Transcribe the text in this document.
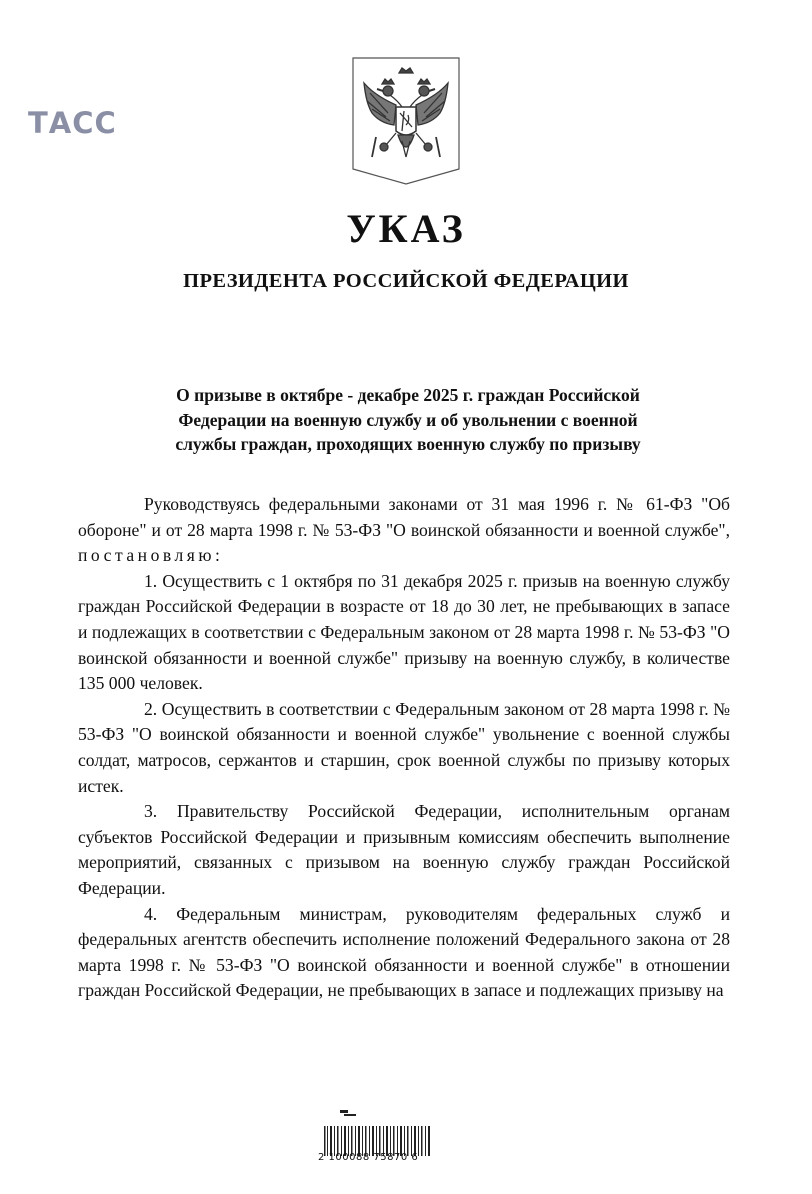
ТАСС
УКАЗ
ПРЕЗИДЕНТА РОССИЙСКОЙ ФЕДЕРАЦИИ
О призыве в октябре - декабре 2025 г. граждан Российской
Федерации на военную службу и об увольнении с военной
службы граждан, проходящих военную службу по призыву

Руководствуясь федеральными законами от 31 мая 1996 г. № 61-ФЗ "Об обороне" и от 28 марта 1998 г. № 53-ФЗ "О воинской обязанности и военной службе", постановляю:

1. Осуществить с 1 октября по 31 декабря 2025 г. призыв на военную службу граждан Российской Федерации в возрасте от 18 до 30 лет, не пребывающих в запасе и подлежащих в соответствии с Федеральным законом от 28 марта 1998 г. № 53-ФЗ "О воинской обязанности и военной службе" призыву на военную службу, в количестве 135 000 человек.

2. Осуществить в соответствии с Федеральным законом от 28 марта 1998 г. № 53-ФЗ "О воинской обязанности и военной службе" увольнение с военной службы солдат, матросов, сержантов и старшин, срок военной службы по призыву которых истек.

3. Правительству Российской Федерации, исполнительным органам субъектов Российской Федерации и призывным комиссиям обеспечить выполнение мероприятий, связанных с призывом на военную службу граждан Российской Федерации.

4. Федеральным министрам, руководителям федеральных служб и федеральных агентств обеспечить исполнение положений Федерального закона от 28 марта 1998 г. № 53-ФЗ "О воинской обязанности и военной службе" в отношении граждан Российской Федерации, не пребывающих в запасе и подлежащих призыву на

2 100088 75870 6
